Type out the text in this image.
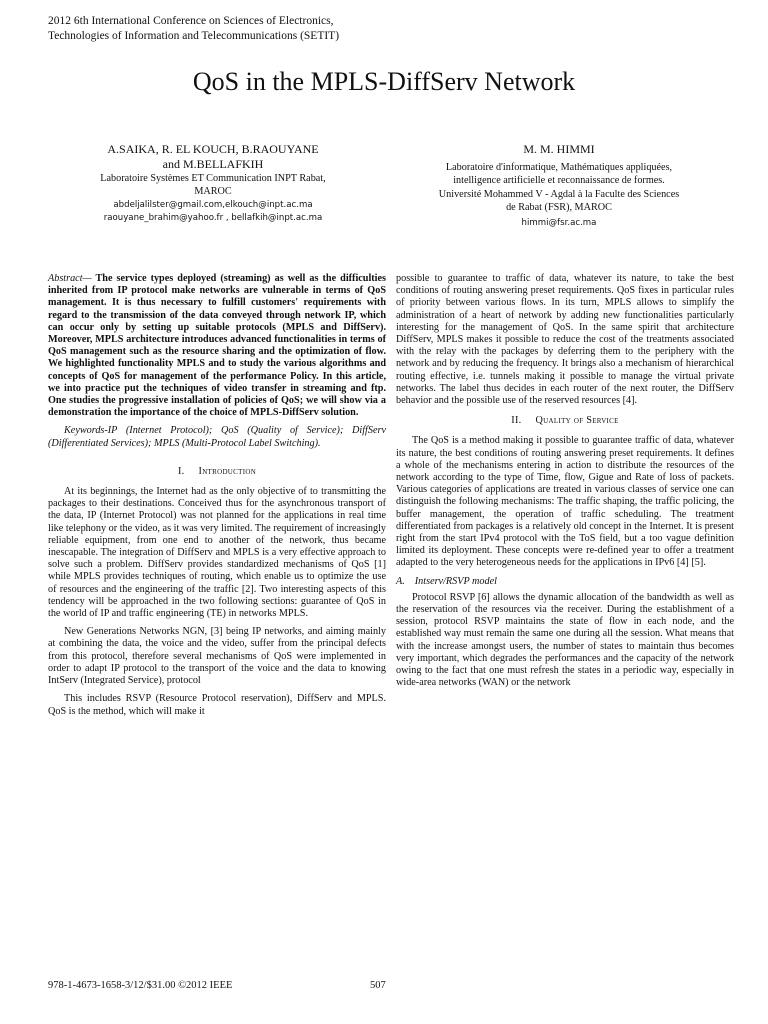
2012 6th International Conference on Sciences of Electronics,
Technologies of Information and Telecommunications (SETIT)
QoS in the MPLS-DiffServ Network
A.SAIKA, R. EL KOUCH, B.RAOUYANE
and M.BELLAFKIH
Laboratoire Systèmes ET Communication INPT Rabat,
MAROC
abdeljalilster@gmail.com,elkouch@inpt.ac.ma
raouyane_brahim@yahoo.fr , bellafkih@inpt.ac.ma
M. M. HIMMI
Laboratoire d'informatique, Mathématiques appliquées,
intelligence artificielle et reconnaissance de formes.
Université Mohammed V - Agdal à la Faculte des Sciences
de Rabat (FSR), MAROC
himmi@fsr.ac.ma

Abstract— The service types deployed (streaming) as well as the difficulties inherited from IP protocol make networks are vulnerable in terms of QoS management. It is thus necessary to fulfill customers' requirements with regard to the transmission of the data conveyed through network IP, which can occur only by setting up suitable protocols (MPLS and DiffServ). Moreover, MPLS architecture introduces advanced functionalities in terms of QoS management such as the resource sharing and the optimization of flow. We highlighted functionality MPLS and to study the various algorithms and concepts of QoS for management of the performance Policy. In this article, we into practice put the techniques of video transfer in streaming and ftp. One studies the progressive installation of policies of QoS; we will show via a demonstration the importance of the choice of MPLS-DiffServ solution.

Keywords-IP (Internet Protocol); QoS (Quality of Service); DiffServ (Differentiated Services); MPLS (Multi-Protocol Label Switching).

I. Introduction

At its beginnings, the Internet had as the only objective of to transmitting the packages to their destinations. Conceived thus for the asynchronous transport of the data, IP (Internet Protocol) was not planned for the applications in real time like telephony or the video, as it was very limited. The requirement of increasingly reliable equipment, from one end to another of the network, thus became inescapable. The integration of DiffServ and MPLS is a very effective approach to solve such a problem. DiffServ provides standardized mechanisms of QoS [1] while MPLS provides techniques of routing, which enable us to optimize the use of resources and the engineering of the traffic [2]. Two interesting aspects of this tendency will be approached in the two following sections: guarantee of QoS in the world of IP and traffic engineering (TE) in networks MPLS.

New Generations Networks NGN, [3] being IP networks, and aiming mainly at combining the data, the voice and the video, suffer from the principal defects from this protocol, therefore several mechanisms of QoS were implemented in order to adapt IP protocol to the transport of the voice and the data to knowing IntServ (Integrated Service), protocol

This includes RSVP (Resource Protocol reservation), DiffServ and MPLS. QoS is the method, which will make it

possible to guarantee to traffic of data, whatever its nature, to take the best conditions of routing answering preset requirements. QoS fixes in particular rules of priority between various flows. In its turn, MPLS allows to simplify the administration of a heart of network by adding new functionalities particularly interesting for the management of QoS. In the same spirit that architecture DiffServ, MPLS makes it possible to reduce the cost of the treatments associated with the relay with the packages by deferring them to the periphery with the network and by reducing the frequency. It brings also a mechanism of hierarchical routing effective, i.e. tunnels making it possible to manage the virtual private networks. The label thus decides in each router of the next router, the DiffServ behavior and the possible use of the reserved resources [4].

II. Quality of Service

The QoS is a method making it possible to guarantee traffic of data, whatever its nature, the best conditions of routing answering preset requirements. It defines a whole of the mechanisms entering in action to distribute the resources of the network according to the type of Time, flow, Gigue and Rate of loss of packets. Various categories of applications are treated in various classes of service one can distinguish the following mechanisms: The traffic shaping, the traffic policing, the buffer management, the operation of traffic scheduling. The treatment differentiated from packages is a relatively old concept in the Internet. It is present right from the start IPv4 protocol with the ToS field, but a too vague definition limited its deployment. These concepts were re-defined year to offer a treatment adapted to the very heterogeneous needs for the applications in IPv6 [4] [5].

A. Intserv/RSVP model

Protocol RSVP [6] allows the dynamic allocation of the bandwidth as well as the reservation of the resources via the receiver. During the establishment of a session, protocol RSVP maintains the state of flow in each node, and the established way must remain the same one during all the session. What means that with the increase amongst users, the number of states to maintain thus becomes very important, which degrades the performances and the capacity of the network owing to the fact that one must refresh the states in a periodic way, especially in wide-area networks (WAN) or the network

978-1-4673-1658-3/12/$31.00 ©2012 IEEE	507
